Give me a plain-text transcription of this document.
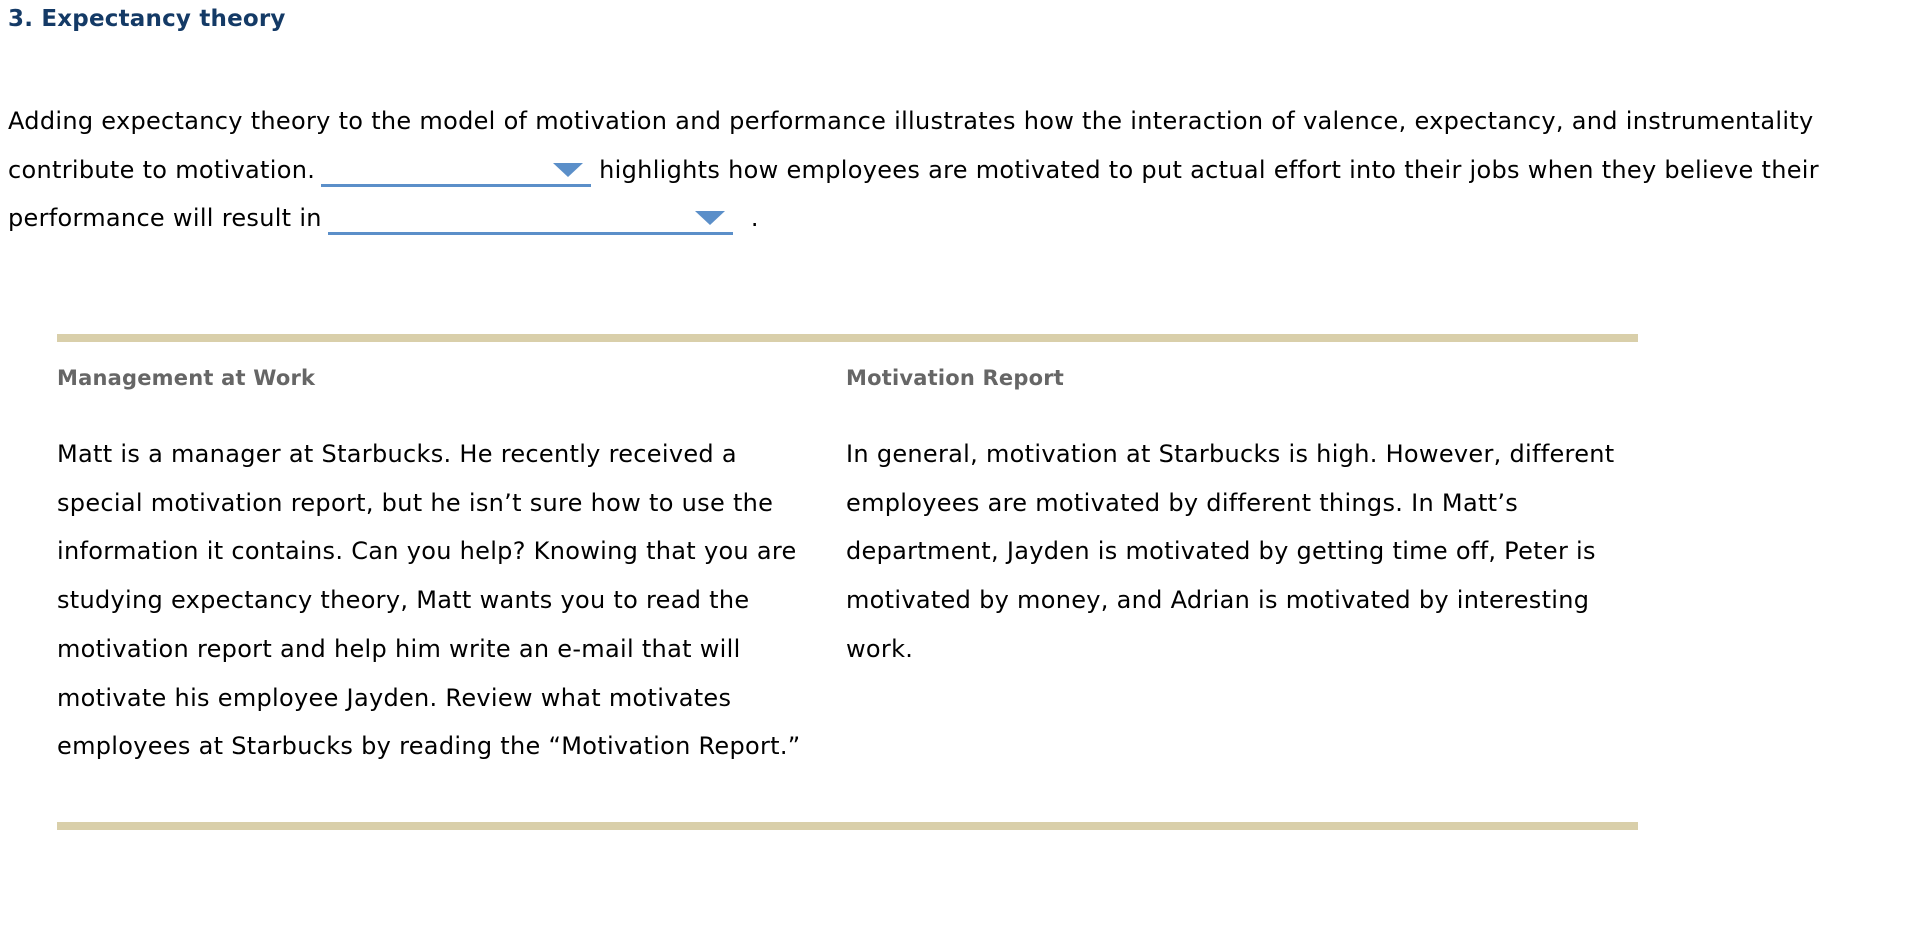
3. Expectancy theory

Adding expectancy theory to the model of motivation and performance illustrates how the interaction of valence, expectancy, and instrumentality contribute to motivation.	highlights how employees are motivated to put actual effort into their jobs when they believe their performance will result in	.

Management at Work

Matt is a manager at Starbucks. He recently received a special motivation report, but he isn’t sure how to use the information it contains. Can you help? Knowing that you are studying expectancy theory, Matt wants you to read the motivation report and help him write an e-mail that will motivate his employee Jayden. Review what motivates employees at Starbucks by reading the “Motivation Report.”

Motivation Report

In general, motivation at Starbucks is high. However, different employees are motivated by different things. In Matt’s department, Jayden is motivated by getting time off, Peter is motivated by money, and Adrian is motivated by interesting work.
